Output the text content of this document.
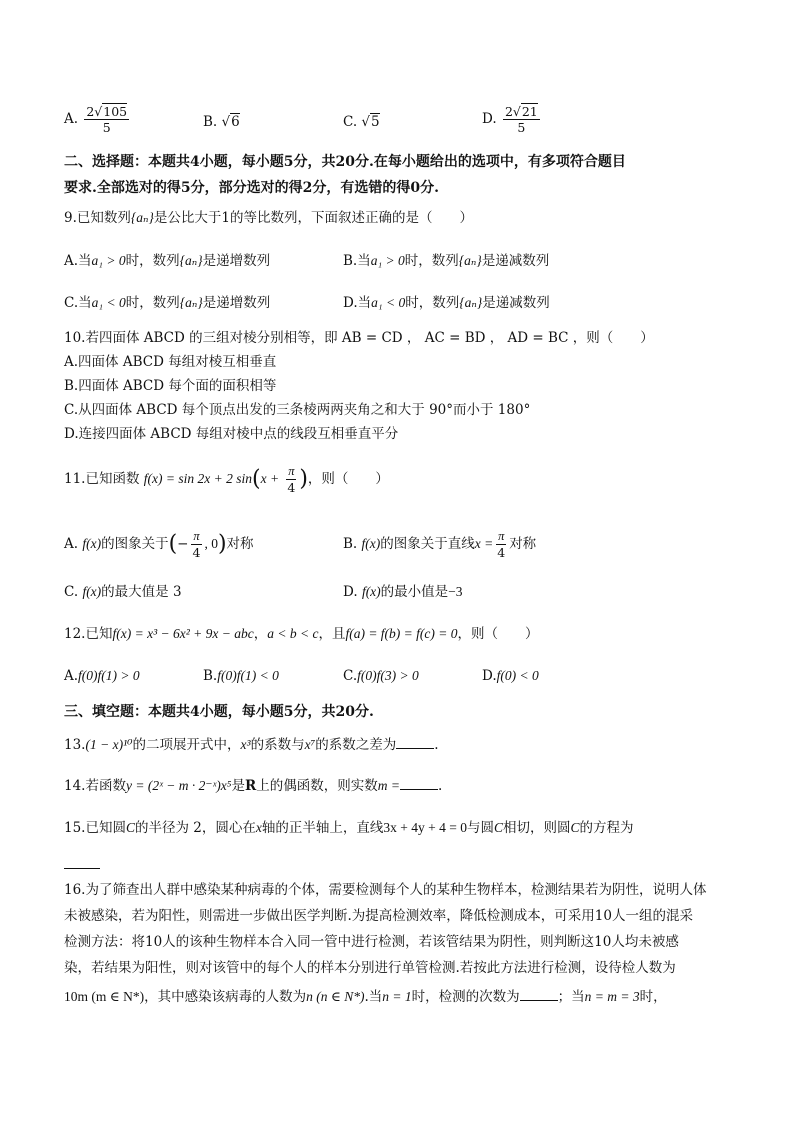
A. $\frac{2√105}{5}$	B. √6	C. √5	D. $\frac{2√21}{5}$
二、选择题：本题共4小题，每小题5分，共20分.在每小题给出的选项中，有多项符合题目
要求.全部选对的得5分，部分选对的得2分，有选错的得0分.
9.已知数列{aₙ}是公比大于1的等比数列，下面叙述正确的是（　　）
A.当a₁ > 0时，数列{aₙ}是递增数列	B.当a₁ > 0时，数列{aₙ}是递减数列
C.当a₁ < 0时，数列{aₙ}是递增数列	D.当a₁ < 0时，数列{aₙ}是递减数列
10.若四面体 ABCD 的三组对棱分别相等，即 AB = CD ， AC = BD ， AD = BC ，则（　　）
A.四面体 ABCD 每组对棱互相垂直
B.四面体 ABCD 每个面的面积相等
C.从四面体 ABCD 每个顶点出发的三条棱两两夹角之和大于 90°而小于 180°
D.连接四面体 ABCD 每组对棱中点的线段互相垂直平分
11.已知函数 f(x) = sin 2x + 2 $\sin(x + \frac{\pi}{4}$ )，则（　　）
A. f(x)的图象关于(− $\frac{\pi}{4}$ , 0)对称	B. f(x)的图象关于直线$x = \frac{\pi}{4}$ 对称
C. f(x)的最大值是 3	D. f(x)的最小值是−3
12.已知f(x) = x³ − 6x² + 9x − abc，a < b < c，且f(a) = f(b) = f(c) = 0，则（　　）
A.f(0)f(1) > 0	B.f(0)f(1) < 0	C.f(0)f(3) > 0	D.f(0) < 0
三、填空题：本题共4小题，每小题5分，共20分.
13.(1 − x)¹⁰的二项展开式中，x³的系数与x⁷的系数之差为	.
14.若函数y = (2ˣ − m · 2⁻ˣ)x⁵是R上的偶函数，则实数m =	.
15.已知圆C的半径为 2，圆心在x轴的正半轴上，直线3x + 4y + 4 = 0与圆C相切，则圆C的方程为
16.为了筛查出人群中感染某种病毒的个体，需要检测每个人的某种生物样本，检测结果若为阴性，说明人体
未被感染，若为阳性，则需进一步做出医学判断.为提高检测效率，降低检测成本，可采用10人一组的混采
检测方法：将10人的该种生物样本合入同一管中进行检测，若该管结果为阴性，则判断这10人均未被感
染，若结果为阳性，则对该管中的每个人的样本分别进行单管检测.若按此方法进行检测，设待检人数为
10m (m ∈ N*)，其中感染该病毒的人数为n (n ∈ N*).当n = 1时，检测的次数为	；当n = m = 3时，
